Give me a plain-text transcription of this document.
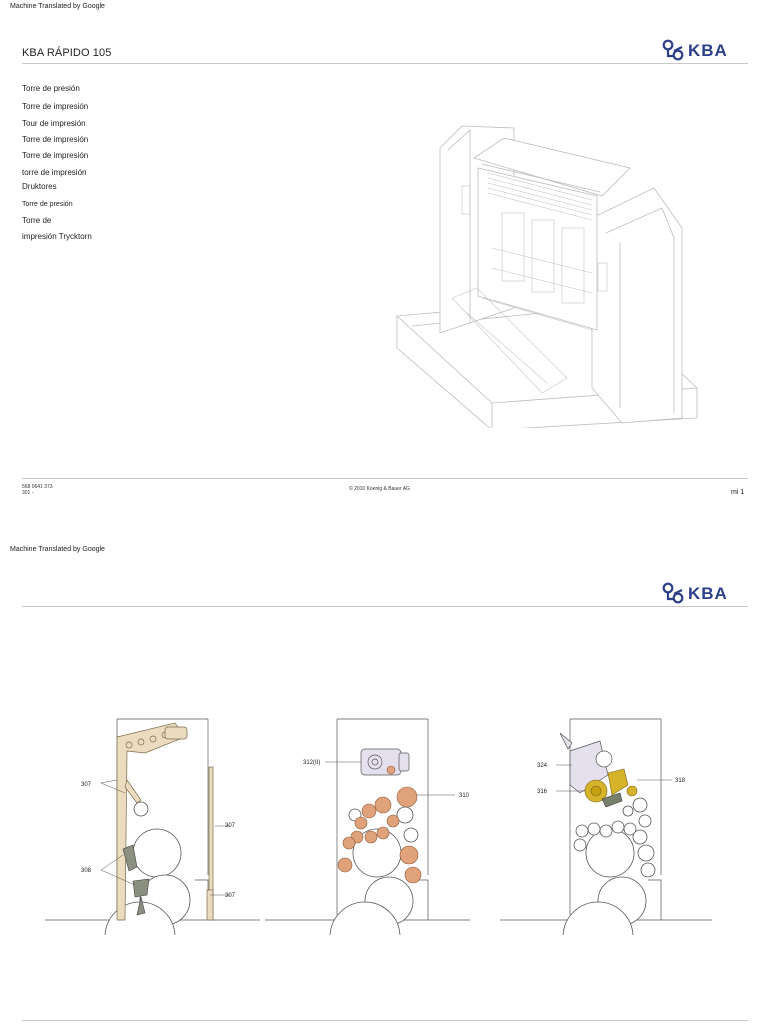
Machine Translated by Google
KBA RÁPIDO 105	KBA
Torre de presión
Torre de impresión
Tour de impresión
Torre de impresión
Torre de impresión
torre de impresión
Druktores
Torre de presión
Torre de
impresión Trycktorn
568 0641 373
301 -
© 2010 Koenig & Bauer AG	mi 1
Machine Translated by Google
KBA
307
308
307
307
312(II)
310
324
316
318
